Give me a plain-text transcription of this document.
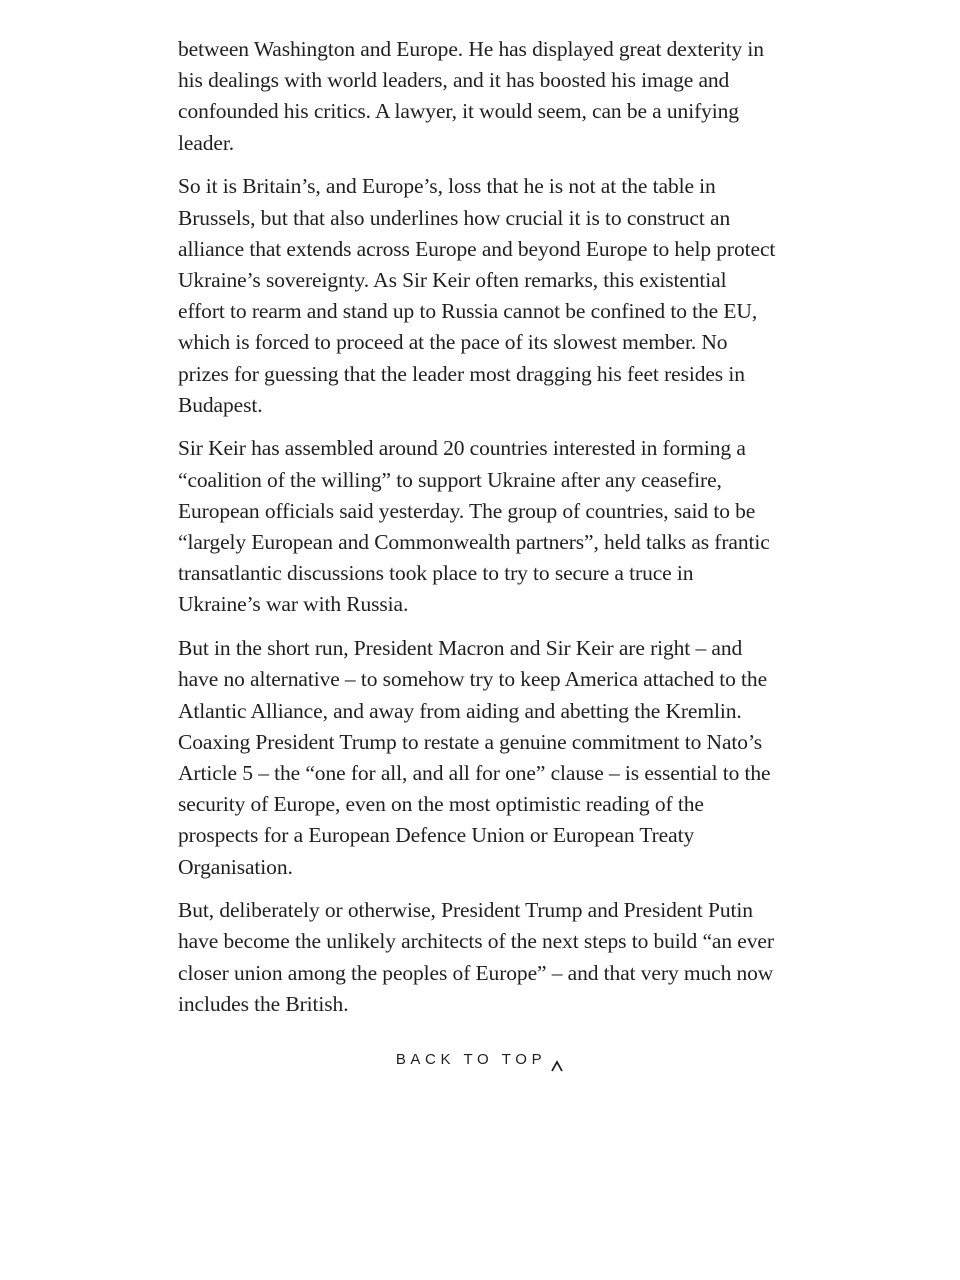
between Washington and Europe. He has displayed great dexterity in his dealings with world leaders, and it has boosted his image and confounded his critics. A lawyer, it would seem, can be a unifying leader.

So it is Britain’s, and Europe’s, loss that he is not at the table in Brussels, but that also underlines how crucial it is to construct an alliance that extends across Europe and beyond Europe to help protect Ukraine’s sovereignty. As Sir Keir often remarks, this existential effort to rearm and stand up to Russia cannot be confined to the EU, which is forced to proceed at the pace of its slowest member. No prizes for guessing that the leader most dragging his feet resides in Budapest.

Sir Keir has assembled around 20 countries interested in forming a “coalition of the willing” to support Ukraine after any ceasefire, European officials said yesterday. The group of countries, said to be “largely European and Commonwealth partners”, held talks as frantic transatlantic discussions took place to try to secure a truce in Ukraine’s war with Russia.

But in the short run, President Macron and Sir Keir are right – and have no alternative – to somehow try to keep America attached to the Atlantic Alliance, and away from aiding and abetting the Kremlin. Coaxing President Trump to restate a genuine commitment to Nato’s Article 5 – the “one for all, and all for one” clause – is essential to the security of Europe, even on the most optimistic reading of the prospects for a European Defence Union or European Treaty Organisation.

But, deliberately or otherwise, President Trump and President Putin have become the unlikely architects of the next steps to build “an ever closer union among the peoples of Europe” – and that very much now includes the British.

BACK TO TOP
